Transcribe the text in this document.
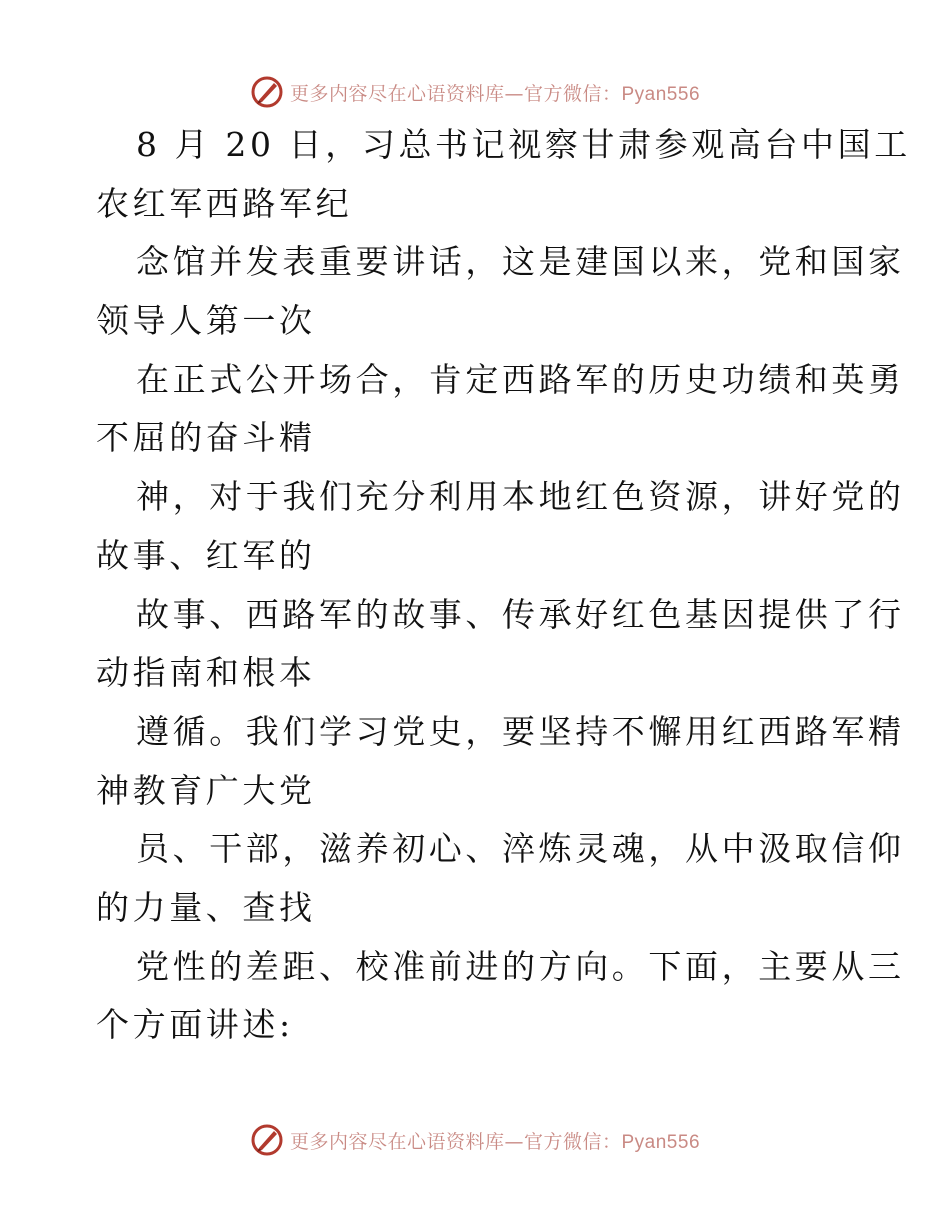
更多内容尽在心语资料库—官方微信：Pyan556
8 月 20 日，习总书记视察甘肃参观高台中国工
农红军西路军纪
念馆并发表重要讲话，这是建国以来，党和国家
领导人第一次
在正式公开场合，肯定西路军的历史功绩和英勇
不屈的奋斗精
神，对于我们充分利用本地红色资源，讲好党的
故事、红军的
故事、西路军的故事、传承好红色基因提供了行
动指南和根本
遵循。我们学习党史，要坚持不懈用红西路军精
神教育广大党
员、干部，滋养初心、淬炼灵魂，从中汲取信仰
的力量、查找
党性的差距、校准前进的方向。下面，主要从三
个方面讲述:
更多内容尽在心语资料库—官方微信：Pyan556
